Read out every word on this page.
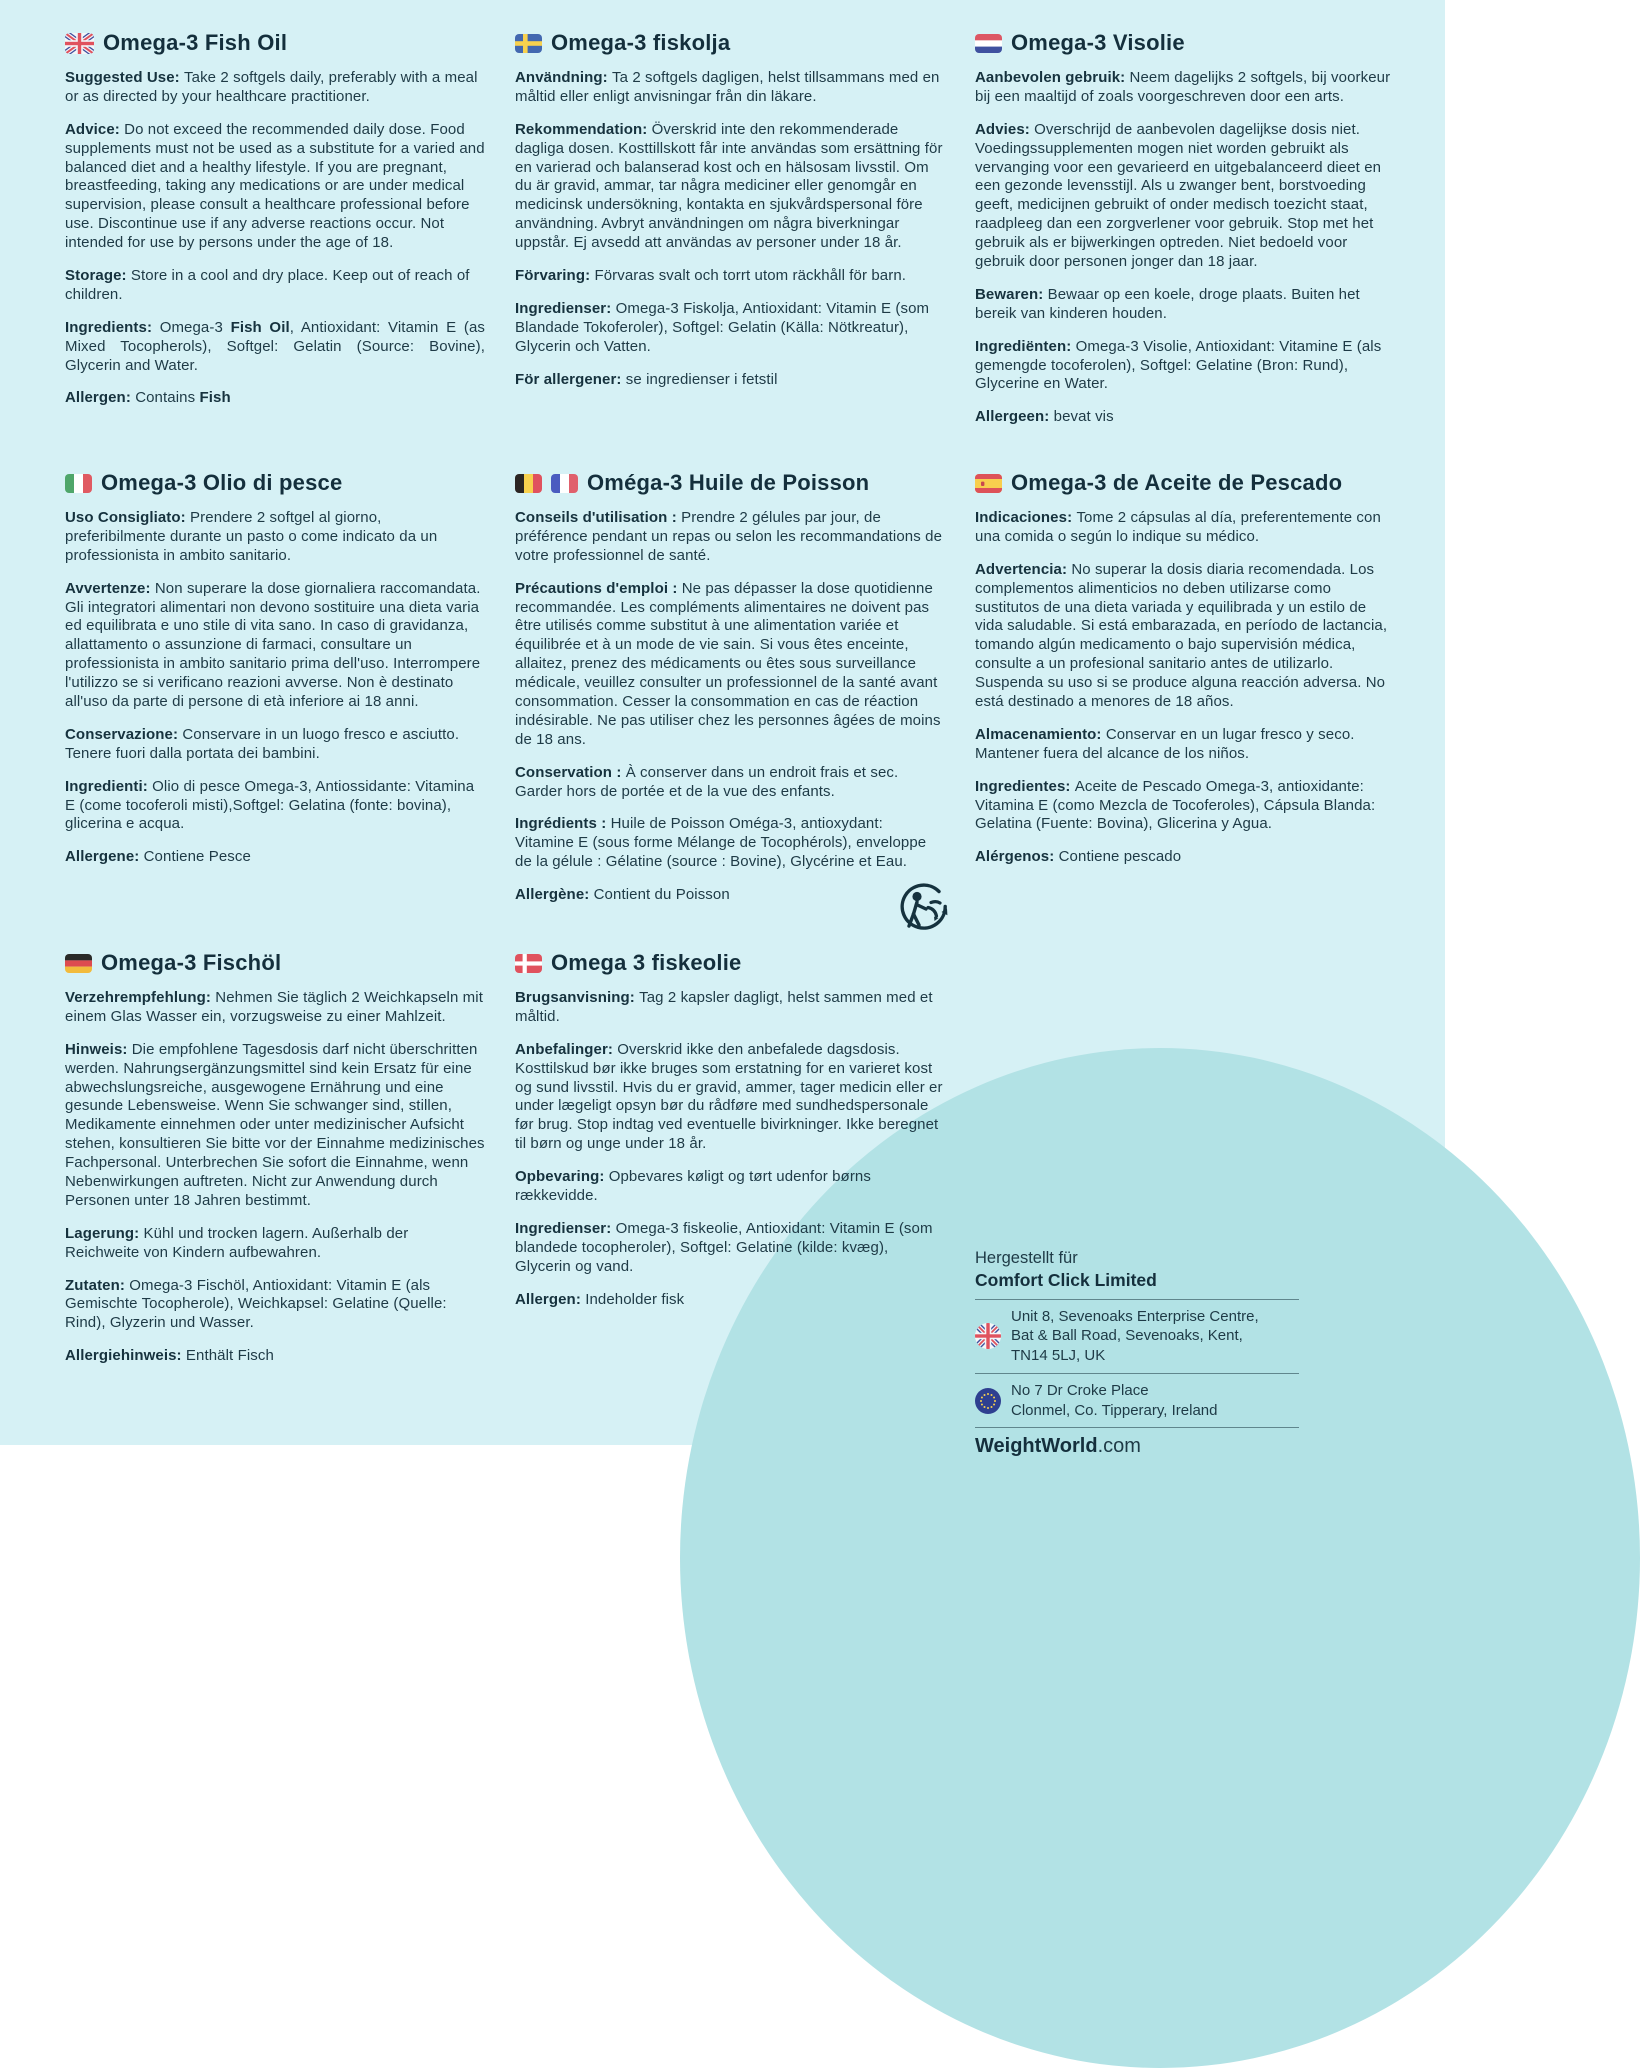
Omega-3 Fish Oil

Suggested Use: Take 2 softgels daily, preferably with a meal or as directed by your healthcare practitioner.

Advice: Do not exceed the recommended daily dose. Food supplements must not be used as a substitute for a varied and balanced diet and a healthy lifestyle. If you are pregnant, breastfeeding, taking any medications or are under medical supervision, please consult a healthcare professional before use. Discontinue use if any adverse reactions occur. Not intended for use by persons under the age of 18.

Storage: Store in a cool and dry place. Keep out of reach of children.

Ingredients: Omega-3 Fish Oil, Antioxidant: Vitamin E (as Mixed Tocopherols), Softgel: Gelatin (Source: Bovine), Glycerin and Water.

Allergen: Contains Fish

Omega-3 fiskolja

Användning: Ta 2 softgels dagligen, helst tillsammans med en måltid eller enligt anvisningar från din läkare.

Rekommendation: Överskrid inte den rekommenderade dagliga dosen. Kosttillskott får inte användas som ersättning för en varierad och balanserad kost och en hälsosam livsstil. Om du är gravid, ammar, tar några mediciner eller genomgår en medicinsk undersökning, kontakta en sjukvårdspersonal före användning. Avbryt användningen om några biverkningar uppstår. Ej avsedd att användas av personer under 18 år.

Förvaring: Förvaras svalt och torrt utom räckhåll för barn.

Ingredienser: Omega-3 Fiskolja, Antioxidant: Vitamin E (som Blandade Tokoferoler), Softgel: Gelatin (Källa: Nötkreatur), Glycerin och Vatten.

För allergener: se ingredienser i fetstil

Omega-3 Visolie

Aanbevolen gebruik: Neem dagelijks 2 softgels, bij voorkeur bij een maaltijd of zoals voorgeschreven door een arts.

Advies: Overschrijd de aanbevolen dagelijkse dosis niet. Voedingssupplementen mogen niet worden gebruikt als vervanging voor een gevarieerd en uitgebalanceerd dieet en een gezonde levensstijl. Als u zwanger bent, borstvoeding geeft, medicijnen gebruikt of onder medisch toezicht staat, raadpleeg dan een zorgverlener voor gebruik. Stop met het gebruik als er bijwerkingen optreden. Niet bedoeld voor gebruik door personen jonger dan 18 jaar.

Bewaren: Bewaar op een koele, droge plaats. Buiten het bereik van kinderen houden.

Ingrediënten: Omega-3 Visolie, Antioxidant: Vitamine E (als gemengde tocoferolen), Softgel: Gelatine (Bron: Rund), Glycerine en Water.

Allergeen: bevat vis

Omega-3 Olio di pesce

Uso Consigliato: Prendere 2 softgel al giorno, preferibilmente durante un pasto o come indicato da un professionista in ambito sanitario.

Avvertenze: Non superare la dose giornaliera raccomandata. Gli integratori alimentari non devono sostituire una dieta varia ed equilibrata e uno stile di vita sano. In caso di gravidanza, allattamento o assunzione di farmaci, consultare un professionista in ambito sanitario prima dell'uso. Interrompere l'utilizzo se si verificano reazioni avverse. Non è destinato all'uso da parte di persone di età inferiore ai 18 anni.

Conservazione: Conservare in un luogo fresco e asciutto. Tenere fuori dalla portata dei bambini.

Ingredienti: Olio di pesce Omega-3, Antiossidante: Vitamina E (come tocoferoli misti),Softgel: Gelatina (fonte: bovina), glicerina e acqua.

Allergene: Contiene Pesce

Oméga-3 Huile de Poisson

Conseils d'utilisation : Prendre 2 gélules par jour, de préférence pendant un repas ou selon les recommandations de votre professionnel de santé.

Précautions d'emploi : Ne pas dépasser la dose quotidienne recommandée. Les compléments alimentaires ne doivent pas être utilisés comme substitut à une alimentation variée et équilibrée et à un mode de vie sain. Si vous êtes enceinte, allaitez, prenez des médicaments ou êtes sous surveillance médicale, veuillez consulter un professionnel de la santé avant consommation. Cesser la consommation en cas de réaction indésirable. Ne pas utiliser chez les personnes âgées de moins de 18 ans.

Conservation : À conserver dans un endroit frais et sec. Garder hors de portée et de la vue des enfants.

Ingrédients : Huile de Poisson Oméga-3, antioxydant: Vitamine E (sous forme Mélange de Tocophérols), enveloppe de la gélule : Gélatine (source : Bovine), Glycérine et Eau.

Allergène: Contient du Poisson

Omega-3 de Aceite de Pescado

Indicaciones: Tome 2 cápsulas al día, preferentemente con una comida o según lo indique su médico.

Advertencia: No superar la dosis diaria recomendada. Los complementos alimenticios no deben utilizarse como sustitutos de una dieta variada y equilibrada y un estilo de vida saludable. Si está embarazada, en período de lactancia, tomando algún medicamento o bajo supervisión médica, consulte a un profesional sanitario antes de utilizarlo. Suspenda su uso si se produce alguna reacción adversa. No está destinado a menores de 18 años.

Almacenamiento: Conservar en un lugar fresco y seco. Mantener fuera del alcance de los niños.

Ingredientes: Aceite de Pescado Omega-3, antioxidante: Vitamina E (como Mezcla de Tocoferoles), Cápsula Blanda: Gelatina (Fuente: Bovina), Glicerina y Agua.

Alérgenos: Contiene pescado

Omega-3 Fischöl

Verzehrempfehlung: Nehmen Sie täglich 2 Weichkapseln mit einem Glas Wasser ein, vorzugsweise zu einer Mahlzeit.

Hinweis: Die empfohlene Tagesdosis darf nicht überschritten werden. Nahrungsergänzungsmittel sind kein Ersatz für eine abwechslungsreiche, ausgewogene Ernährung und eine gesunde Lebensweise. Wenn Sie schwanger sind, stillen, Medikamente einnehmen oder unter medizinischer Aufsicht stehen, konsultieren Sie bitte vor der Einnahme medizinisches Fachpersonal. Unterbrechen Sie sofort die Einnahme, wenn Nebenwirkungen auftreten. Nicht zur Anwendung durch Personen unter 18 Jahren bestimmt.

Lagerung: Kühl und trocken lagern. Außerhalb der Reichweite von Kindern aufbewahren.

Zutaten: Omega-3 Fischöl, Antioxidant: Vitamin E (als Gemischte Tocopherole), Weichkapsel: Gelatine (Quelle: Rind), Glyzerin und Wasser.

Allergiehinweis: Enthält Fisch

Omega 3 fiskeolie

Brugsanvisning: Tag 2 kapsler dagligt, helst sammen med et måltid.

Anbefalinger: Overskrid ikke den anbefalede dagsdosis. Kosttilskud bør ikke bruges som erstatning for en varieret kost og sund livsstil. Hvis du er gravid, ammer, tager medicin eller er under lægeligt opsyn bør du rådføre med sundhedspersonale før brug. Stop indtag ved eventuelle bivirkninger. Ikke beregnet til børn og unge under 18 år.

Opbevaring: Opbevares køligt og tørt udenfor børns rækkevidde.

Ingredienser: Omega-3 fiskeolie, Antioxidant: Vitamin E (som blandede tocopheroler), Softgel: Gelatine (kilde: kvæg), Glycerin og vand.

Allergen: Indeholder fisk

Hergestellt für

Comfort Click Limited

Unit 8, Sevenoaks Enterprise Centre,
Bat & Ball Road, Sevenoaks, Kent,
TN14 5LJ, UK
No 7 Dr Croke Place
Clonmel, Co. Tipperary, Ireland

WeightWorld.com
